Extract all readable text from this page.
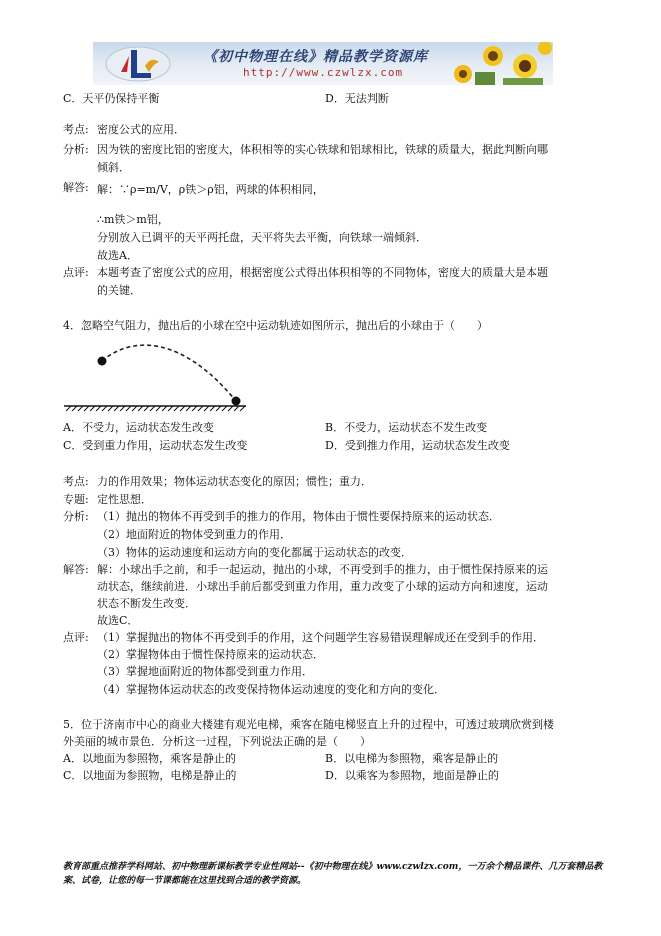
《初中物理在线》精品教学资源库
http://www.czwlzx.com
C．天平仍保持平衡	D．无法判断
考点: 密度公式的应用．
分析: 因为铁的密度比铝的密度大，体积相等的实心铁球和铝球相比，铁球的质量大，据此判断向哪
倾斜．
解答: 解：∵ρ=m/V，ρ铁＞ρ铝，两球的体积相同，
∴m铁＞m铝，
分别放入已调平的天平两托盘，天平将失去平衡，向铁球一端倾斜．
故选A．
点评: 本题考查了密度公式的应用，根据密度公式得出体积相等的不同物体，密度大的质量大是本题
的关键．
4．忽略空气阻力，抛出后的小球在空中运动轨迹如图所示，抛出后的小球由于（　　）
A．不受力，运动状态发生改变	B．不受力，运动状态不发生改变
C．受到重力作用，运动状态发生改变	D．受到推力作用，运动状态发生改变
考点: 力的作用效果；物体运动状态变化的原因；惯性；重力．
专题: 定性思想．
分析: （1）抛出的物体不再受到手的推力的作用，物体由于惯性要保持原来的运动状态．
（2）地面附近的物体受到重力的作用．
（3）物体的运动速度和运动方向的变化都属于运动状态的改变．
解答: 解：小球出手之前，和手一起运动，抛出的小球，不再受到手的推力，由于惯性保持原来的运
动状态，继续前进．小球出手前后都受到重力作用，重力改变了小球的运动方向和速度，运动
状态不断发生改变．
故选C．
点评: （1）掌握抛出的物体不再受到手的作用，这个问题学生容易错误理解成还在受到手的作用．
（2）掌握物体由于惯性保持原来的运动状态．
（3）掌握地面附近的物体都受到重力作用．
（4）掌握物体运动状态的改变保持物体运动速度的变化和方向的变化．
5．位于济南市中心的商业大楼建有观光电梯，乘客在随电梯竖直上升的过程中，可透过玻璃欣赏到楼
外美丽的城市景色．分析这一过程，下列说法正确的是（　　）
A．以地面为参照物，乘客是静止的	B．以电梯为参照物，乘客是静止的
C．以地面为参照物，电梯是静止的	D．以乘客为参照物，地面是静止的
教育部重点推荐学科网站、初中物理新课标教学专业性网站--《初中物理在线》www.czwlzx.com，一万余个精品课件、几万套精品教案、试卷，让您的每一节课都能在这里找到合适的教学资源。
